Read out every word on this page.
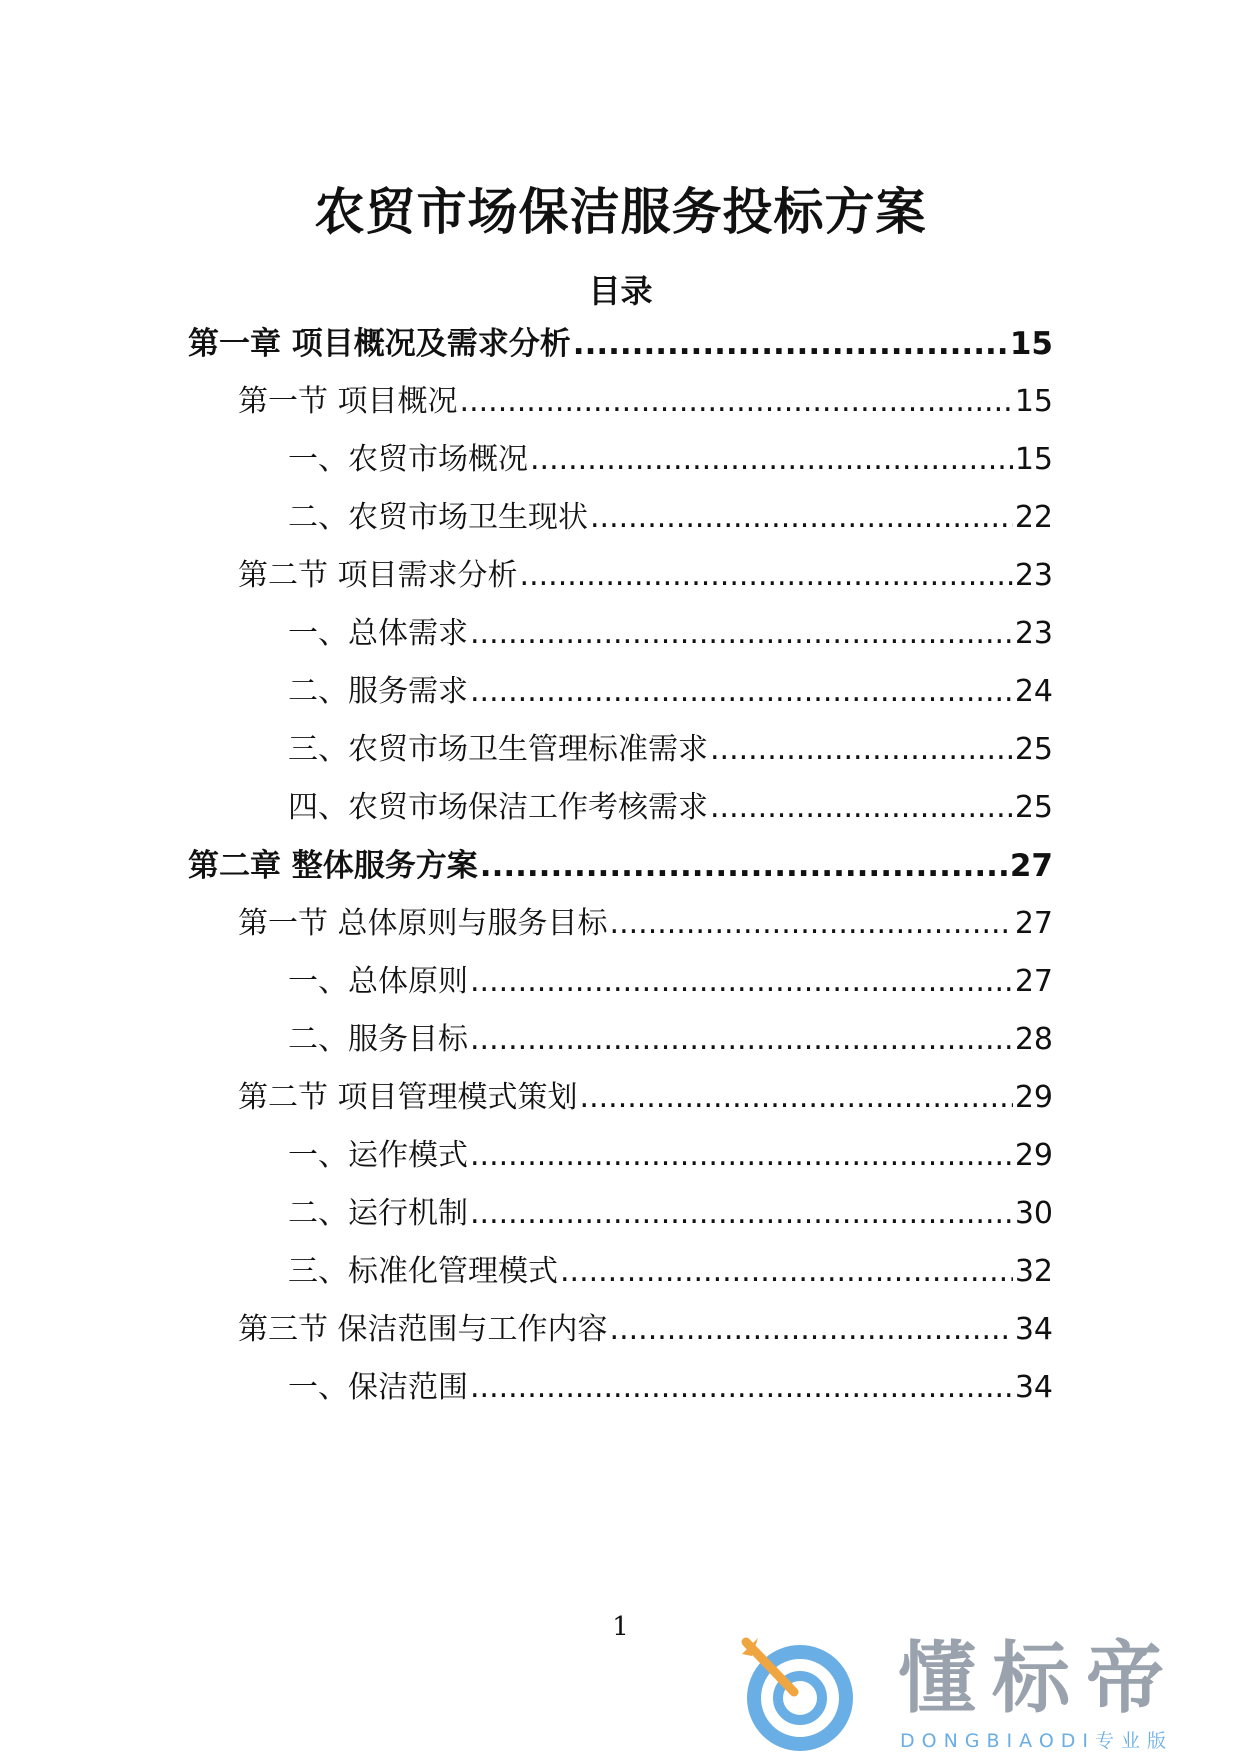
农贸市场保洁服务投标方案
目录
第一章 项目概况及需求分析 .....	15
第一节 项目概况 .....	15
一、农贸市场概况 .....	15
二、农贸市场卫生现状 .....	22
第二节 项目需求分析 .....	23
一、总体需求 .....	23
二、服务需求 .....	24
三、农贸市场卫生管理标准需求 .....	25
四、农贸市场保洁工作考核需求 .....	25
第二章 整体服务方案 .....	27
第一节 总体原则与服务目标 .....	27
一、总体原则 .....	27
二、服务目标 .....	28
第二节 项目管理模式策划 .....	29
一、运作模式 .....	29
二、运行机制 .....	30
三、标准化管理模式 .....	32
第三节 保洁范围与工作内容 .....	34
一、保洁范围 .....	34
1
懂标帝
DONGBIAODI专业版
